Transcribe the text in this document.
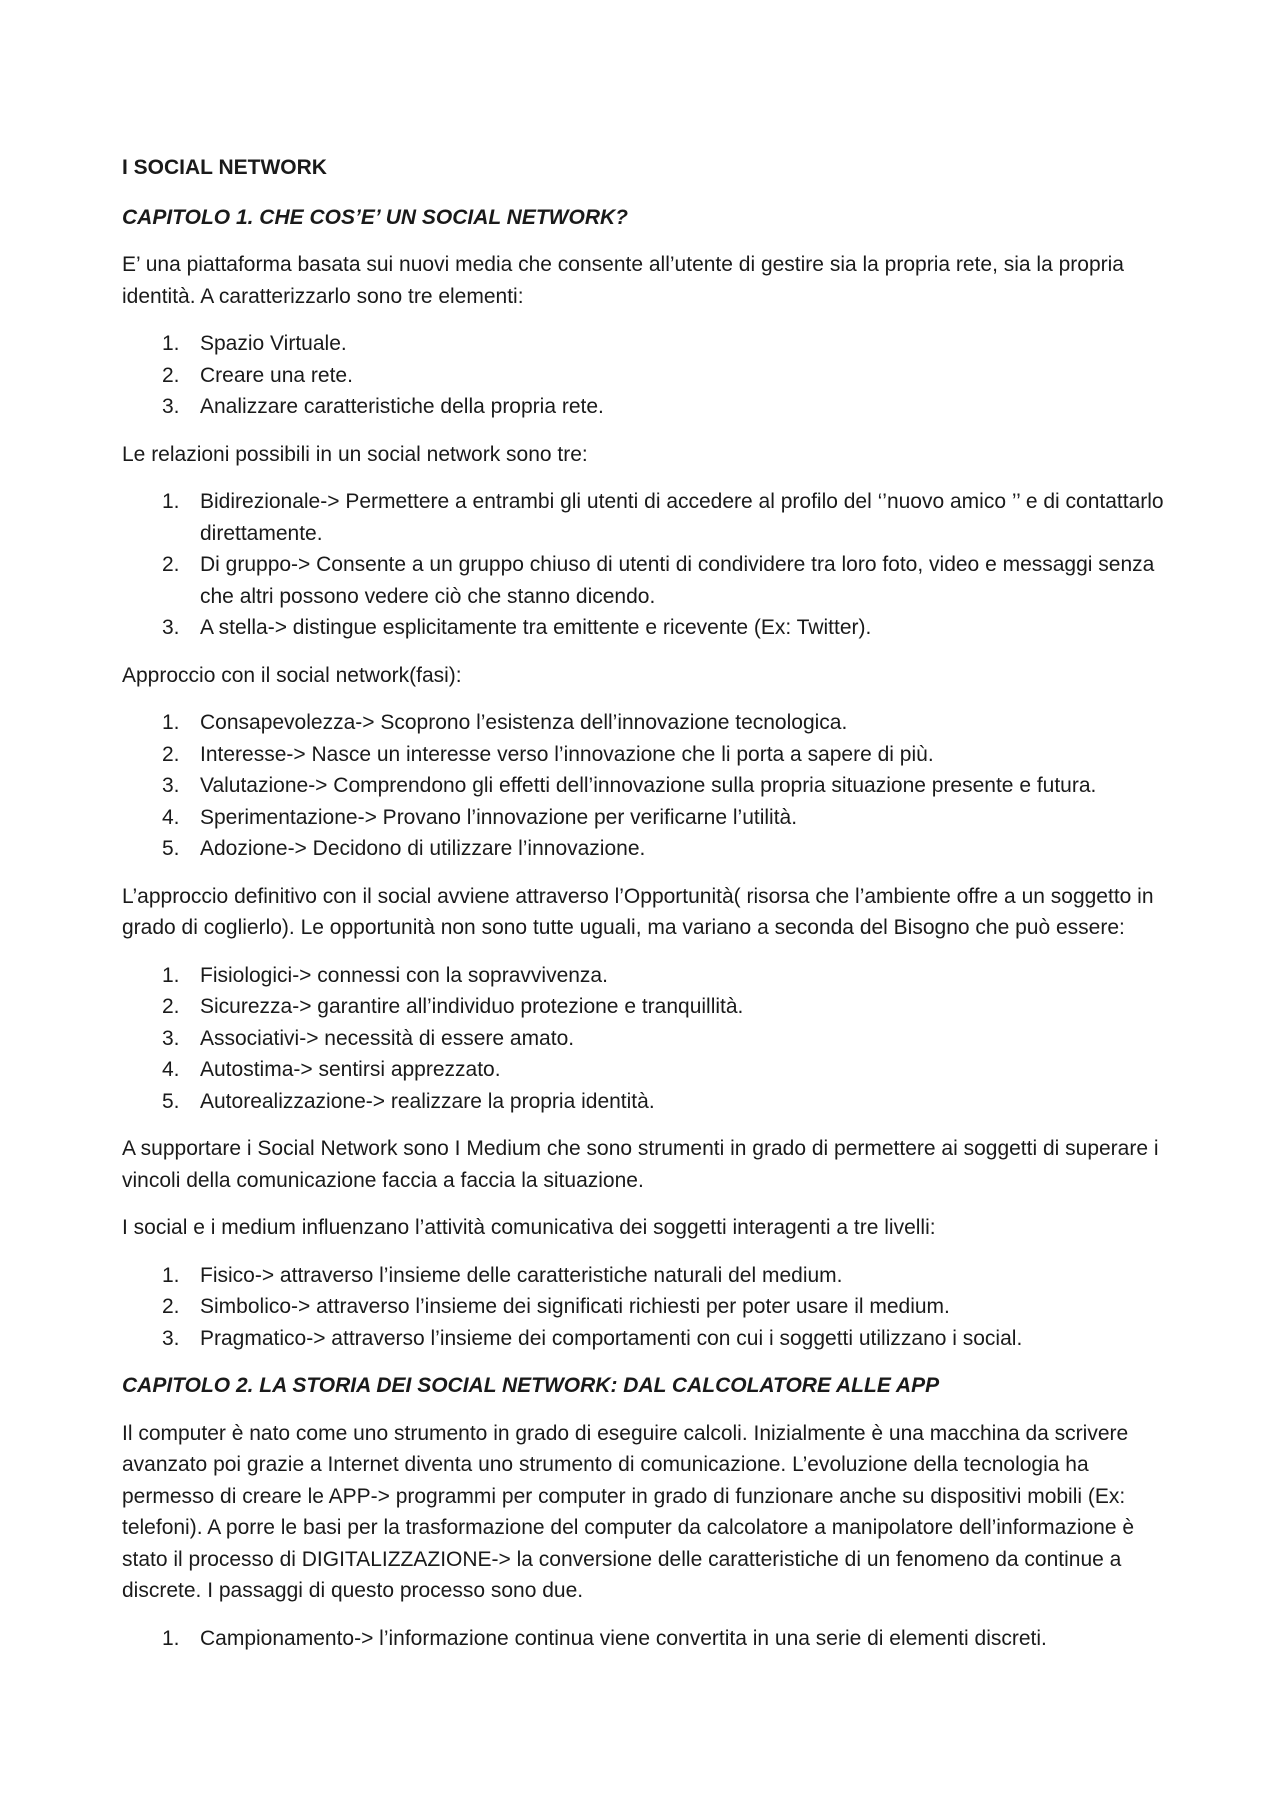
I SOCIAL NETWORK
CAPITOLO 1. CHE COS’E’ UN SOCIAL NETWORK?

E’ una piattaforma basata sui nuovi media che consente all’utente di gestire sia la propria rete, sia la propria identità. A caratterizzarlo sono tre elementi:

1. Spazio Virtuale.
2. Creare una rete.
3. Analizzare caratteristiche della propria rete.

Le relazioni possibili in un social network sono tre:

1. Bidirezionale-> Permettere a entrambi gli utenti di accedere al profilo del ‘’nuovo amico ’’ e di contattarlo direttamente.
2. Di gruppo-> Consente a un gruppo chiuso di utenti di condividere tra loro foto, video e messaggi senza che altri possono vedere ciò che stanno dicendo.
3. A stella-> distingue esplicitamente tra emittente e ricevente (Ex: Twitter).

Approccio con il social network(fasi):

1. Consapevolezza-> Scoprono l’esistenza dell’innovazione tecnologica.
2. Interesse-> Nasce un interesse verso l’innovazione che li porta a sapere di più.
3. Valutazione-> Comprendono gli effetti dell’innovazione sulla propria situazione presente e futura.
4. Sperimentazione-> Provano l’innovazione per verificarne l’utilità.
5. Adozione-> Decidono di utilizzare l’innovazione.

L’approccio definitivo con il social avviene attraverso l’Opportunità( risorsa che l’ambiente offre a un soggetto in grado di coglierlo). Le opportunità non sono tutte uguali, ma variano a seconda del Bisogno che può essere:

1. Fisiologici-> connessi con la sopravvivenza.
2. Sicurezza-> garantire all’individuo protezione e tranquillità.
3. Associativi-> necessità di essere amato.
4. Autostima-> sentirsi apprezzato.
5. Autorealizzazione-> realizzare la propria identità.

A supportare i Social Network sono I Medium che sono strumenti in grado di permettere ai soggetti di superare i vincoli della comunicazione faccia a faccia la situazione.

I social e i medium influenzano l’attività comunicativa dei soggetti interagenti a tre livelli:

1. Fisico-> attraverso l’insieme delle caratteristiche naturali del medium.
2. Simbolico-> attraverso l’insieme dei significati richiesti per poter usare il medium.
3. Pragmatico-> attraverso l’insieme dei comportamenti con cui i soggetti utilizzano i social.
CAPITOLO 2. LA STORIA DEI SOCIAL NETWORK: DAL CALCOLATORE ALLE APP

Il computer è nato come uno strumento in grado di eseguire calcoli. Inizialmente è una macchina da scrivere avanzato poi grazie a Internet diventa uno strumento di comunicazione. L’evoluzione della tecnologia ha permesso di creare le APP-> programmi per computer in grado di funzionare anche su dispositivi mobili (Ex: telefoni). A porre le basi per la trasformazione del computer da calcolatore a manipolatore dell’informazione è stato il processo di DIGITALIZZAZIONE-> la conversione delle caratteristiche di un fenomeno da continue a discrete. I passaggi di questo processo sono due.

1. Campionamento-> l’informazione continua viene convertita in una serie di elementi discreti.
